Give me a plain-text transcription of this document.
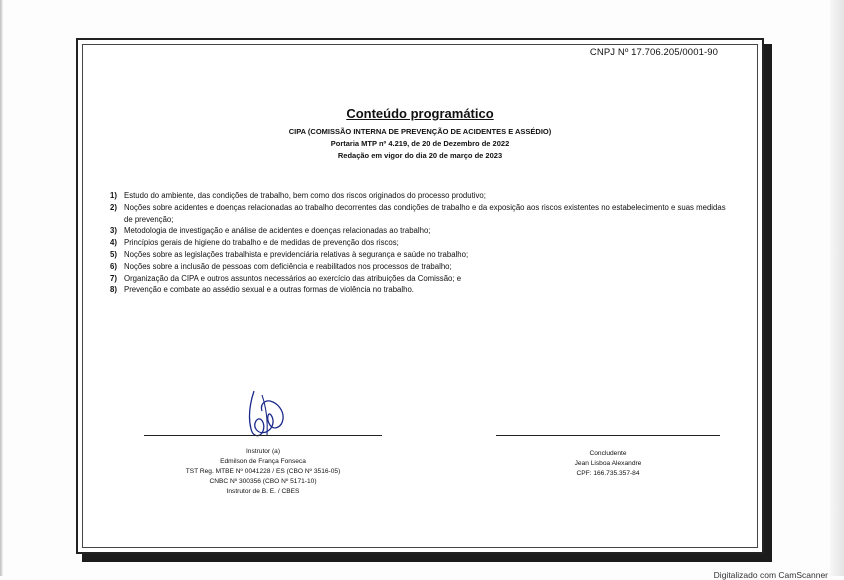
CNPJ Nº 17.706.205/0001-90
Conteúdo programático
CIPA (COMISSÃO INTERNA DE PREVENÇÃO DE ACIDENTES E ASSÉDIO)
Portaria MTP nº 4.219, de 20 de Dezembro de 2022
Redação em vigor do dia 20 de março de 2023
1) Estudo do ambiente, das condições de trabalho, bem como dos riscos originados do processo produtivo;
2) Noções sobre acidentes e doenças relacionadas ao trabalho decorrentes das condições de trabalho e da exposição aos riscos existentes no estabelecimento e suas medidas de prevenção;
3) Metodologia de investigação e análise de acidentes e doenças relacionadas ao trabalho;
4) Princípios gerais de higiene do trabalho e de medidas de prevenção dos riscos;
5) Noções sobre as legislações trabalhista e previdenciária relativas à segurança e saúde no trabalho;
6) Noções sobre a inclusão de pessoas com deficiência e reabilitados nos processos de trabalho;
7) Organização da CIPA e outros assuntos necessários ao exercício das atribuições da Comissão; e
8) Prevenção e combate ao assédio sexual e a outras formas de violência no trabalho.
Instrutor (a)
Edmilson de França Fonseca
TST Reg. MTBE Nº 0041228 / ES (CBO Nº 3516-05)
CNBC Nº 300356 (CBO Nº 5171-10)
Instrutor de B. E. / CBES
Concludente
Jean Lisboa Alexandre
CPF: 166.735.357-84
Digitalizado com CamScanner
